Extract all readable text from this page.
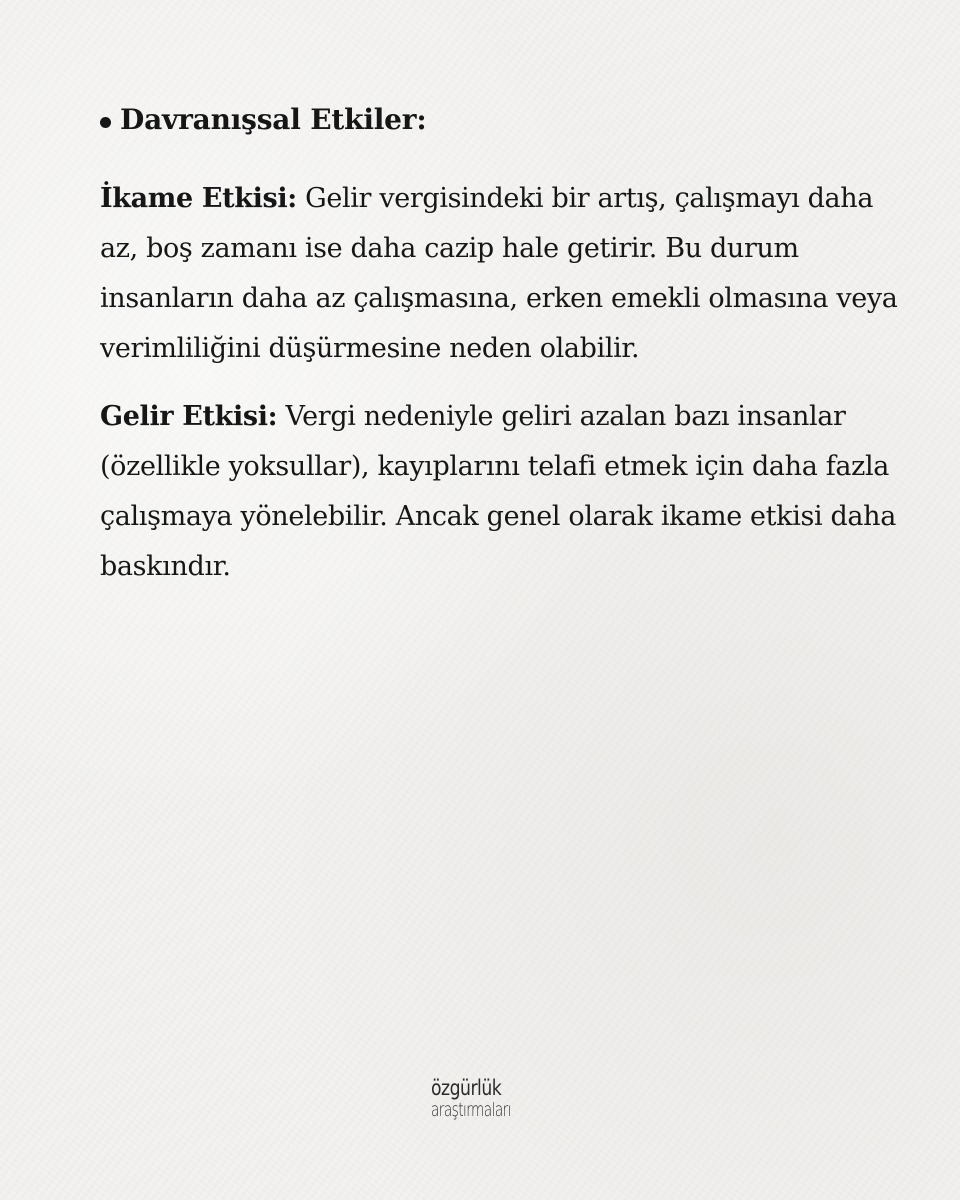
Davranışsal Etkiler:

İkame Etkisi: Gelir vergisindeki bir artış, çalışmayı daha az, boş zamanı ise daha cazip hale getirir. Bu durum insanların daha az çalışmasına, erken emekli olmasına veya verimliliğini düşürmesine neden olabilir.

Gelir Etkisi: Vergi nedeniyle geliri azalan bazı insanlar (özellikle yoksullar), kayıplarını telafi etmek için daha fazla çalışmaya yönelebilir. Ancak genel olarak ikame etkisi daha baskındır.

özgürlük
araştırmaları
